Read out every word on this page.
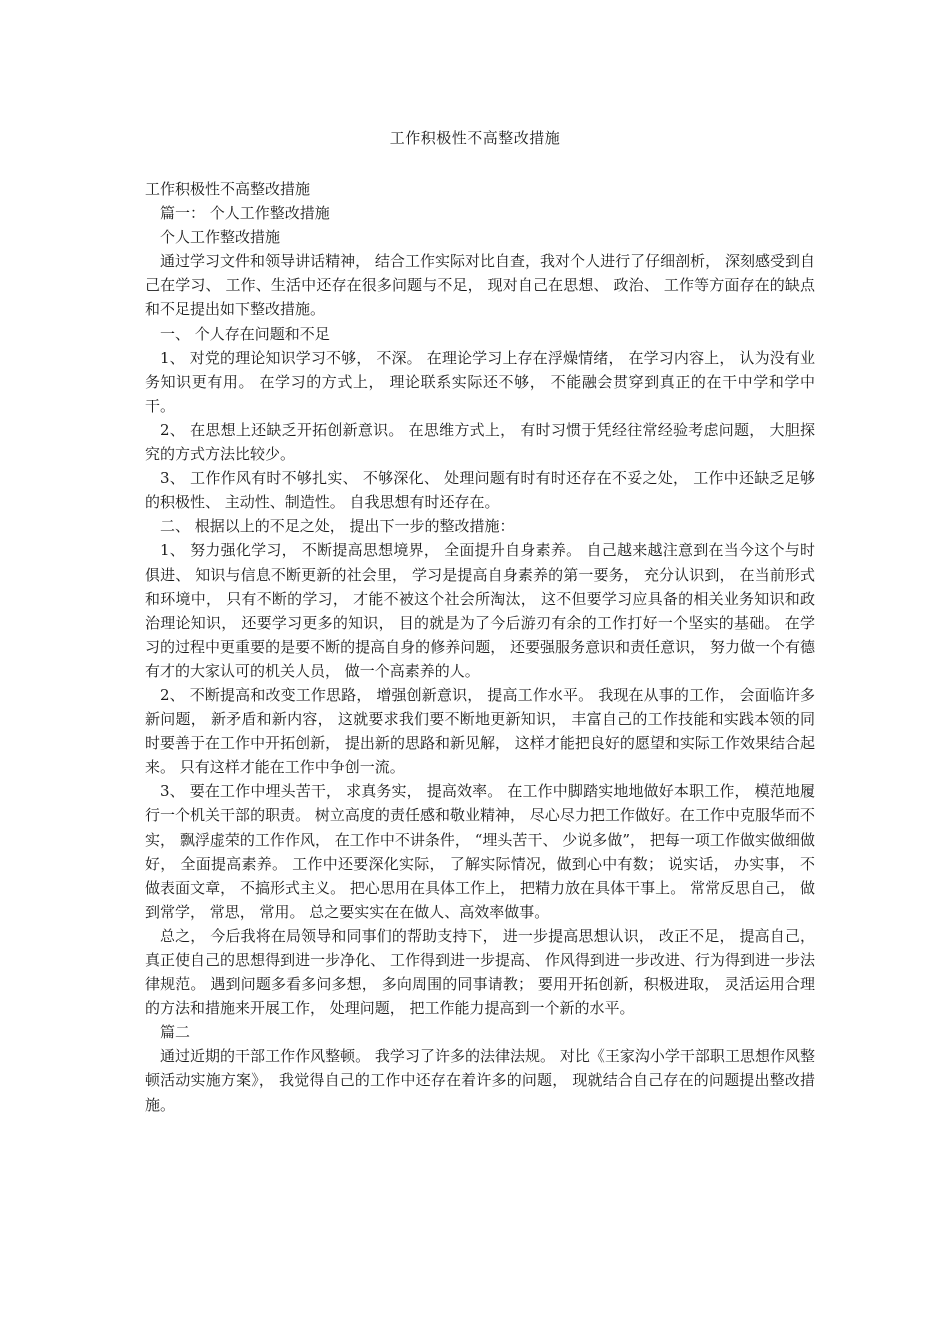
工作积极性不高整改措施

工作积极性不高整改措施

篇一： 个人工作整改措施

个人工作整改措施

通过学习文件和领导讲话精神， 结合工作实际对比自查，我对个人进行了仔细剖析， 深刻感受到自己在学习、 工作、生活中还存在很多问题与不足， 现对自己在思想、 政治、 工作等方面存在的缺点和不足提出如下整改措施。

一、 个人存在问题和不足

1、 对党的理论知识学习不够， 不深。 在理论学习上存在浮燥情绪， 在学习内容上， 认为没有业务知识更有用。 在学习的方式上， 理论联系实际还不够， 不能融会贯穿到真正的在干中学和学中干。

2、 在思想上还缺乏开拓创新意识。 在思维方式上， 有时习惯于凭经往常经验考虑问题， 大胆探究的方式方法比较少。

3、 工作作风有时不够扎实、 不够深化、 处理问题有时有时还存在不妥之处， 工作中还缺乏足够的积极性、 主动性、制造性。 自我思想有时还存在。

二、 根据以上的不足之处， 提出下一步的整改措施：

1、 努力强化学习， 不断提高思想境界， 全面提升自身素养。 自己越来越注意到在当今这个与时俱进、 知识与信息不断更新的社会里， 学习是提高自身素养的第一要务， 充分认识到， 在当前形式和环境中， 只有不断的学习， 才能不被这个社会所淘汰， 这不但要学习应具备的相关业务知识和政治理论知识， 还要学习更多的知识， 目的就是为了今后游刃有余的工作打好一个坚实的基础。 在学习的过程中更重要的是要不断的提高自身的修养问题， 还要强服务意识和责任意识， 努力做一个有德有才的大家认可的机关人员， 做一个高素养的人。

2、 不断提高和改变工作思路， 增强创新意识， 提高工作水平。 我现在从事的工作， 会面临许多新问题， 新矛盾和新内容， 这就要求我们要不断地更新知识， 丰富自己的工作技能和实践本领的同时要善于在工作中开拓创新， 提出新的思路和新见解， 这样才能把良好的愿望和实际工作效果结合起来。 只有这样才能在工作中争创一流。

3、 要在工作中埋头苦干， 求真务实， 提高效率。 在工作中脚踏实地地做好本职工作， 模范地履行一个机关干部的职责。 树立高度的责任感和敬业精神， 尽心尽力把工作做好。在工作中克服华而不实， 飘浮虚荣的工作作风， 在工作中不讲条件， “埋头苦干、 少说多做”， 把每一项工作做实做细做好， 全面提高素养。 工作中还要深化实际， 了解实际情况，做到心中有数； 说实话， 办实事， 不做表面文章， 不搞形式主义。 把心思用在具体工作上， 把精力放在具体干事上。 常常反思自己， 做到常学， 常思， 常用。 总之要实实在在做人、高效率做事。

总之， 今后我将在局领导和同事们的帮助支持下， 进一步提高思想认识， 改正不足， 提高自己， 真正使自己的思想得到进一步净化、 工作得到进一步提高、 作风得到进一步改进、行为得到进一步法律规范。 遇到问题多看多问多想， 多向周围的同事请教； 要用开拓创新，积极进取， 灵活运用合理的方法和措施来开展工作， 处理问题， 把工作能力提高到一个新的水平。

篇二

通过近期的干部工作作风整顿。 我学习了许多的法律法规。 对比《王家沟小学干部职工思想作风整顿活动实施方案》， 我觉得自己的工作中还存在着许多的问题， 现就结合自己存在的问题提出整改措施。
